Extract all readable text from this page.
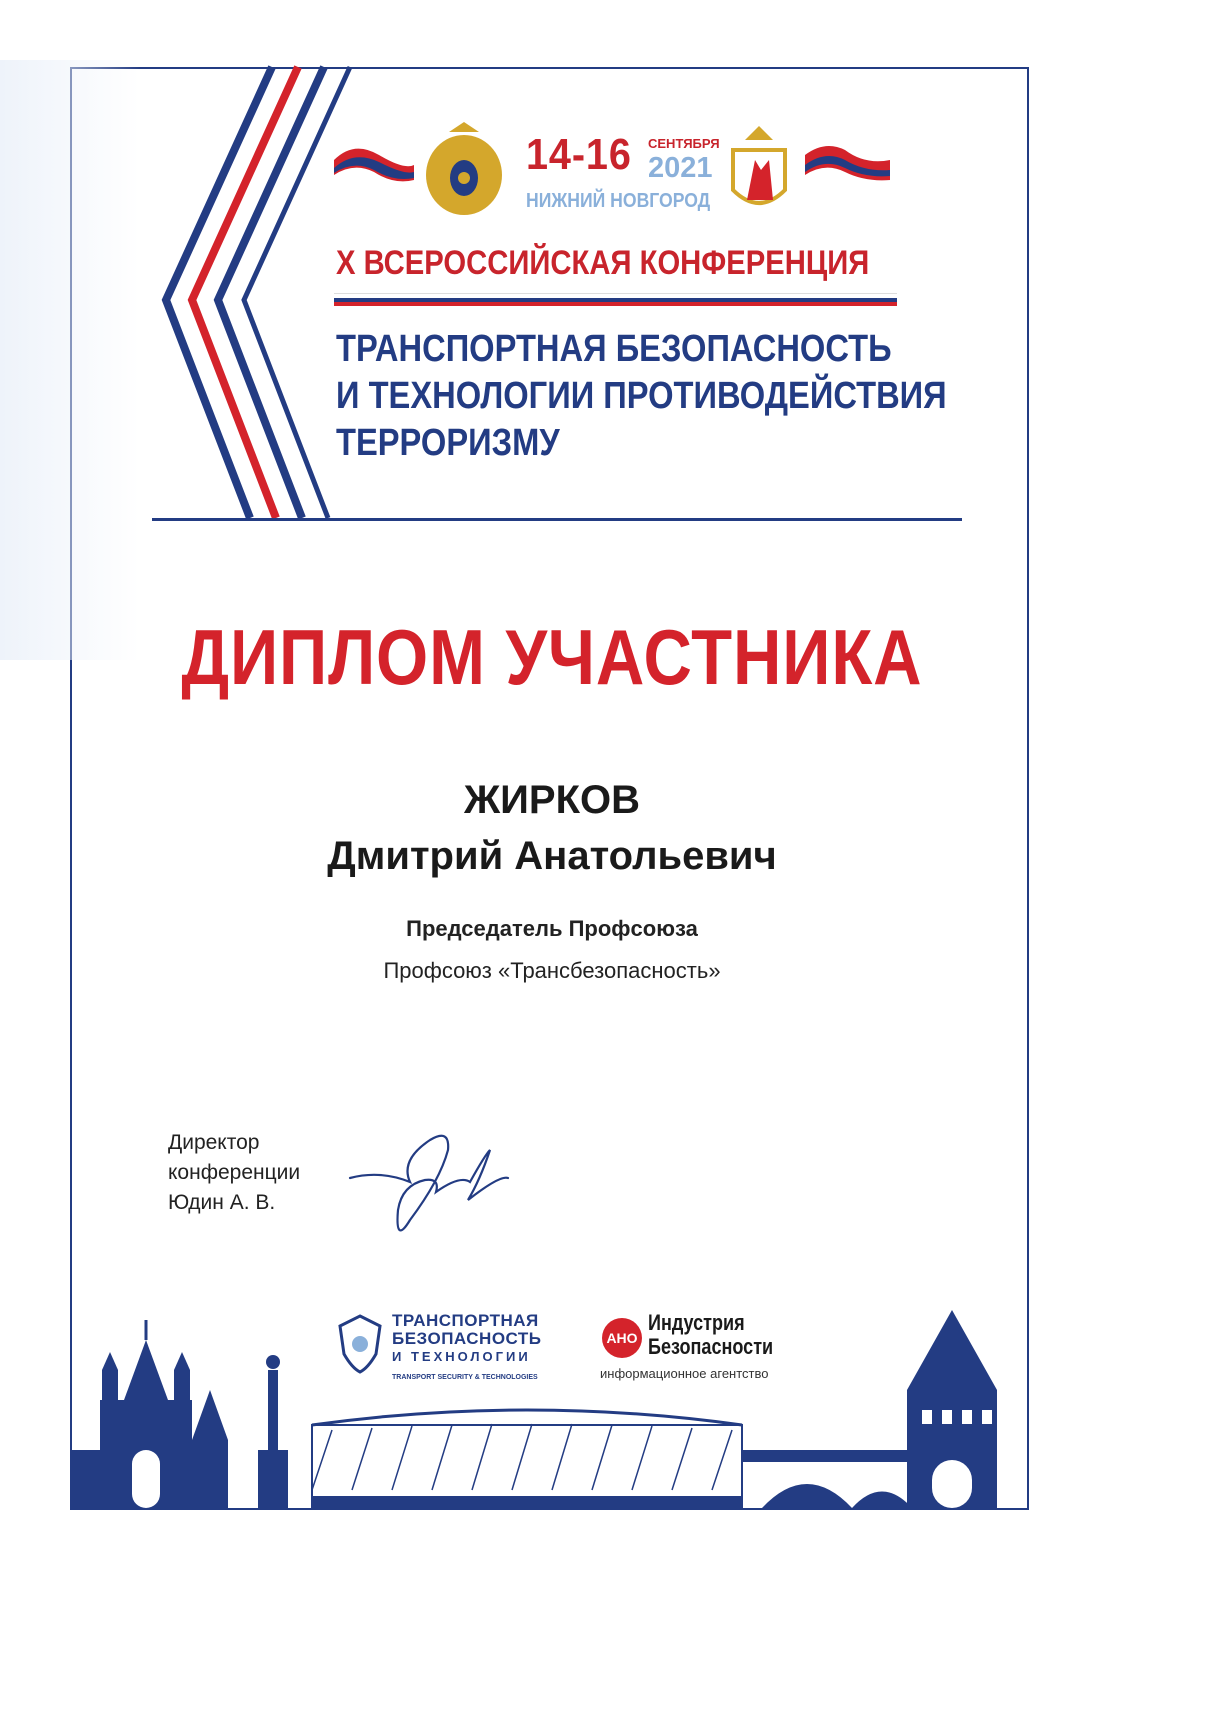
14-16 СЕНТЯБРЯ
2021
НИЖНИЙ НОВГОРОД
X ВСЕРОССИЙСКАЯ КОНФЕРЕНЦИЯ
ТРАНСПОРТНАЯ БЕЗОПАСНОСТЬ
И ТЕХНОЛОГИИ ПРОТИВОДЕЙСТВИЯ
ТЕРРОРИЗМУ
ДИПЛОМ УЧАСТНИКА
ЖИРКОВ
Дмитрий Анатольевич
Председатель Профсоюза
Профсоюз «Трансбезопасность»
Директор
конференции
Юдин А. В.
ТРАНСПОРТНАЯ
БЕЗОПАСНОСТЬ
И ТЕХНОЛОГИИ
TRANSPORT SECURITY & TECHNOLOGIES
АНО
Индустрия
Безопасности
информационное агентство
